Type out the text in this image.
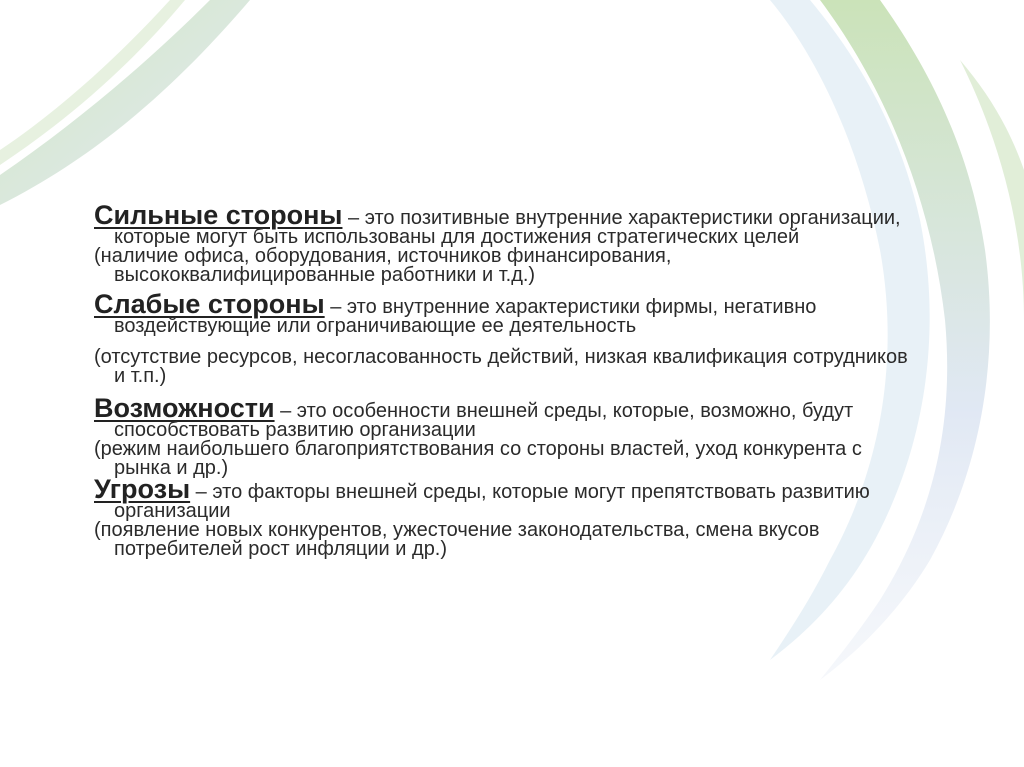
Сильные стороны – это позитивные внутренние характеристики организации, которые могут быть использованы для достижения стратегических целей
(наличие офиса, оборудования, источников финансирования, высококвалифицированные работники и т.д.)

Слабые стороны – это внутренние характеристики фирмы, негативно воздействующие или ограничивающие ее деятельность

(отсутствие ресурсов, несогласованность действий, низкая квалификация сотрудников и т.п.)

Возможности – это особенности внешней среды, которые, возможно, будут способствовать развитию организации
(режим наибольшего благоприятствования со стороны властей, уход конкурента с рынка и др.)

Угрозы – это факторы внешней среды, которые могут препятствовать развитию организации
(появление новых конкурентов, ужесточение законодательства, смена вкусов потребителей рост инфляции и др.)
